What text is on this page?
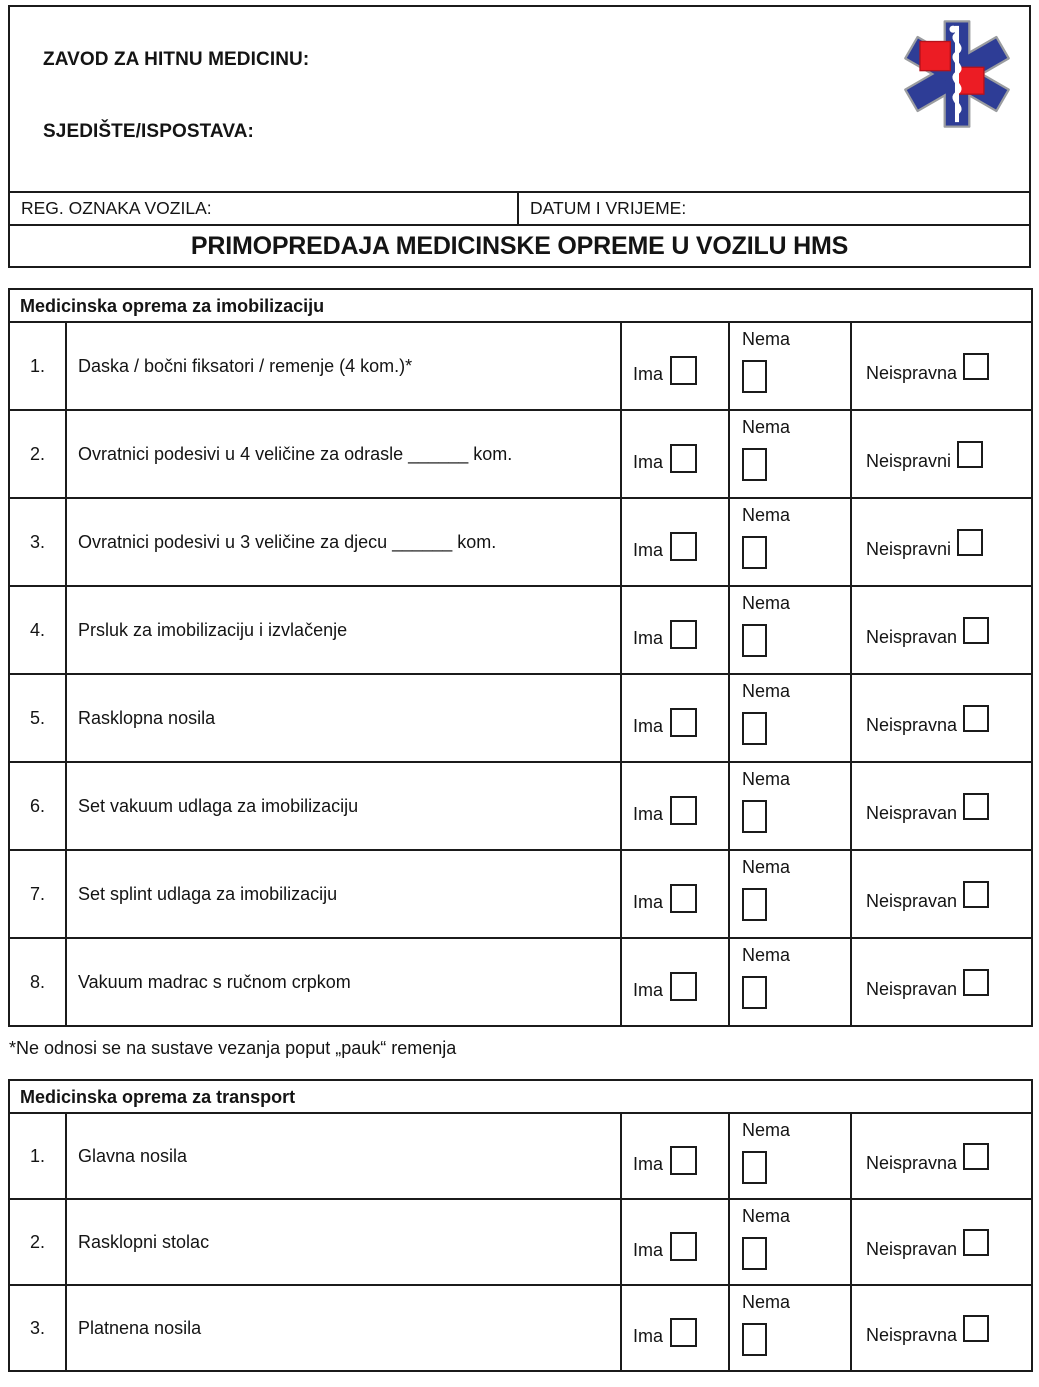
ZAVOD ZA HITNU MEDICINU:
SJEDIŠTE/ISPOSTAVA:
REG. OZNAKA VOZILA:	DATUM I VRIJEME:
PRIMOPREDAJA MEDICINSKE OPREME U VOZILU HMS
Medicinska oprema za imobilizaciju				
1.	Daska / bočni fiksatori / remenje (4 kom.)*	Ima	Nema	Neispravna
2.	Ovratnici podesivi u 4 veličine za odrasle ______ kom.	Ima	Nema	Neispravni
3.	Ovratnici podesivi u 3 veličine za djecu ______ kom.	Ima	Nema	Neispravni
4.	Prsluk za imobilizaciju i izvlačenje	Ima	Nema	Neispravan
5.	Rasklopna nosila	Ima	Nema	Neispravna
6.	Set vakuum udlaga za imobilizaciju	Ima	Nema	Neispravan
7.	Set splint udlaga za imobilizaciju	Ima	Nema	Neispravan
8.	Vakuum madrac s ručnom crpkom	Ima	Nema	Neispravan
*Ne odnosi se na sustave vezanja poput „pauk“ remenja
Medicinska oprema za transport				
1.	Glavna nosila	Ima	Nema	Neispravna
2.	Rasklopni stolac	Ima	Nema	Neispravan
3.	Platnena nosila	Ima	Nema	Neispravna
